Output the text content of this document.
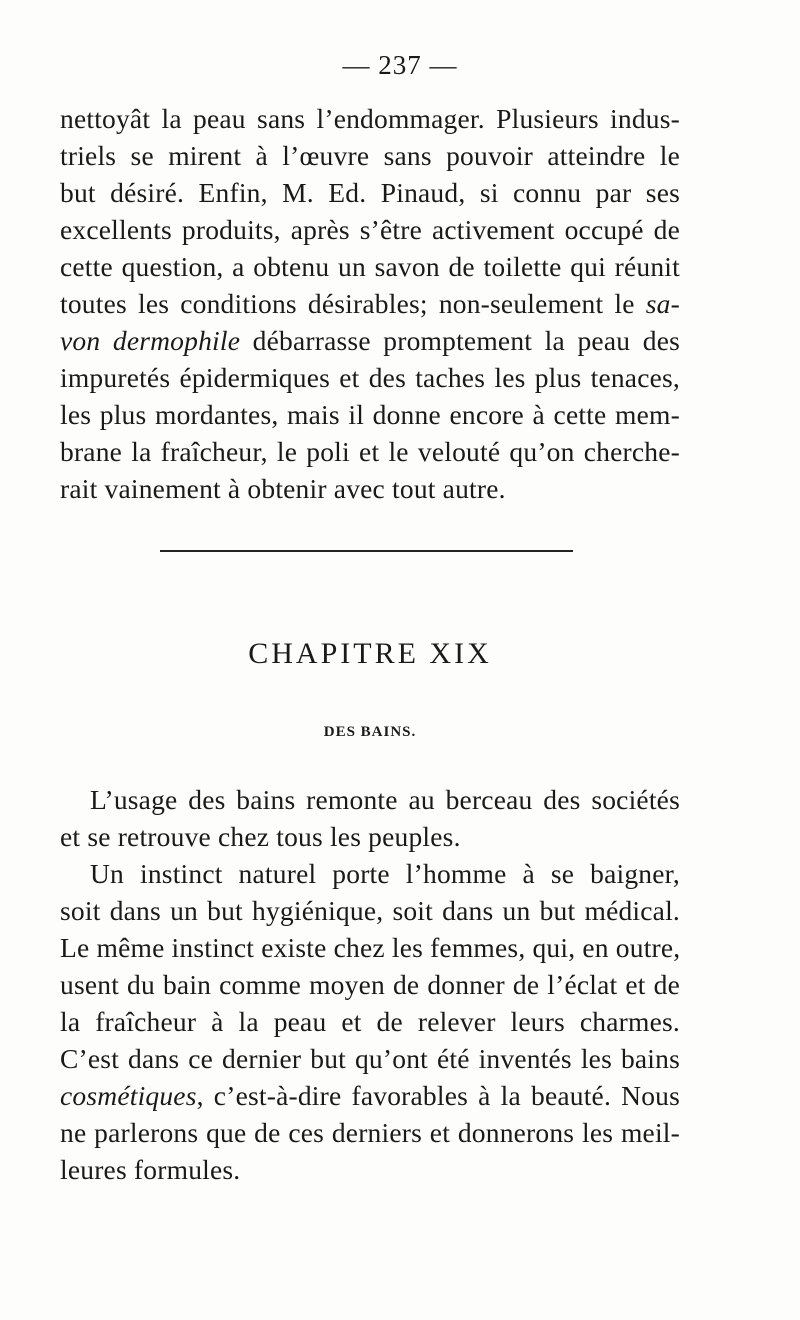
— 237 —
nettoyât la peau sans l’endommager. Plusieurs indus-
triels se mirent à l’œuvre sans pouvoir atteindre le
but désiré. Enfin, M. Ed. Pinaud, si connu par ses
excellents produits, après s’être activement occupé de
cette question, a obtenu un savon de toilette qui réunit
toutes les conditions désirables; non-seulement le sa-
von dermophile débarrasse promptement la peau des
impuretés épidermiques et des taches les plus tenaces,
les plus mordantes, mais il donne encore à cette mem-
brane la fraîcheur, le poli et le velouté qu’on cherche-
rait vainement à obtenir avec tout autre.
CHAPITRE XIX
DES BAINS.
L’usage des bains remonte au berceau des sociétés
et se retrouve chez tous les peuples.
Un instinct naturel porte l’homme à se baigner,
soit dans un but hygiénique, soit dans un but médical.
Le même instinct existe chez les femmes, qui, en outre,
usent du bain comme moyen de donner de l’éclat et de
la fraîcheur à la peau et de relever leurs charmes.
C’est dans ce dernier but qu’ont été inventés les bains
cosmétiques, c’est-à-dire favorables à la beauté. Nous
ne parlerons que de ces derniers et donnerons les meil-
leures formules.
